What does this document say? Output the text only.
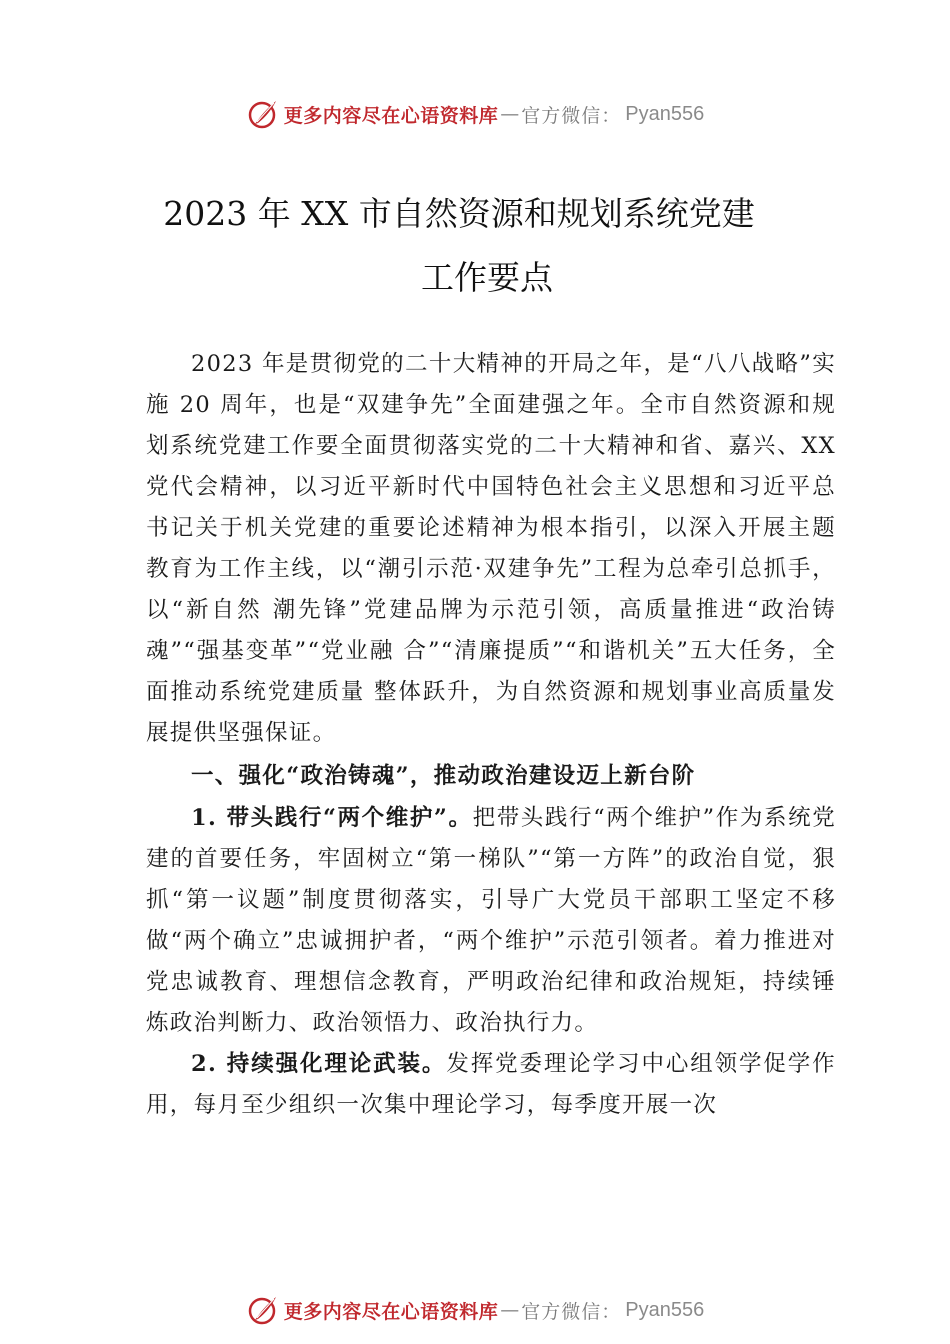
更多内容尽在心语资料库 — 官方微信： Pyan556
2023 年 XX 市自然资源和规划系统党建
工作要点

2023 年是贯彻党的二十大精神的开局之年，是“八八战略”实施 20 周年，也是“双建争先”全面建强之年。全市自然资源和规划系统党建工作要全面贯彻落实党的二十大精神和省、嘉兴、XX 党代会精神，以习近平新时代中国特色社会主义思想和习近平总书记关于机关党建的重要论述精神为根本指引，以深入开展主题教育为工作主线，以“潮引示范·双建争先”工程为总牵引总抓手，以“新自然 潮先锋”党建品牌为示范引领，高质量推进“政治铸魂”“强基变革”“党业融 合”“清廉提质”“和谐机关”五大任务，全面推动系统党建质量 整体跃升，为自然资源和规划事业高质量发展提供坚强保证。

一、强化“政治铸魂”，推动政治建设迈上新台阶

1. 带头践行“两个维护”。把带头践行“两个维护”作为系统党建的首要任务，牢固树立“第一梯队”“第一方阵”的政治自觉，狠抓“第一议题”制度贯彻落实，引导广大党员干部职工坚定不移做“两个确立”忠诚拥护者，“两个维护”示范引领者。着力推进对党忠诚教育、理想信念教育，严明政治纪律和政治规矩，持续锤炼政治判断力、政治领悟力、政治执行力。

2. 持续强化理论武装。发挥党委理论学习中心组领学促学作用，每月至少组织一次集中理论学习，每季度开展一次

更多内容尽在心语资料库 — 官方微信： Pyan556
